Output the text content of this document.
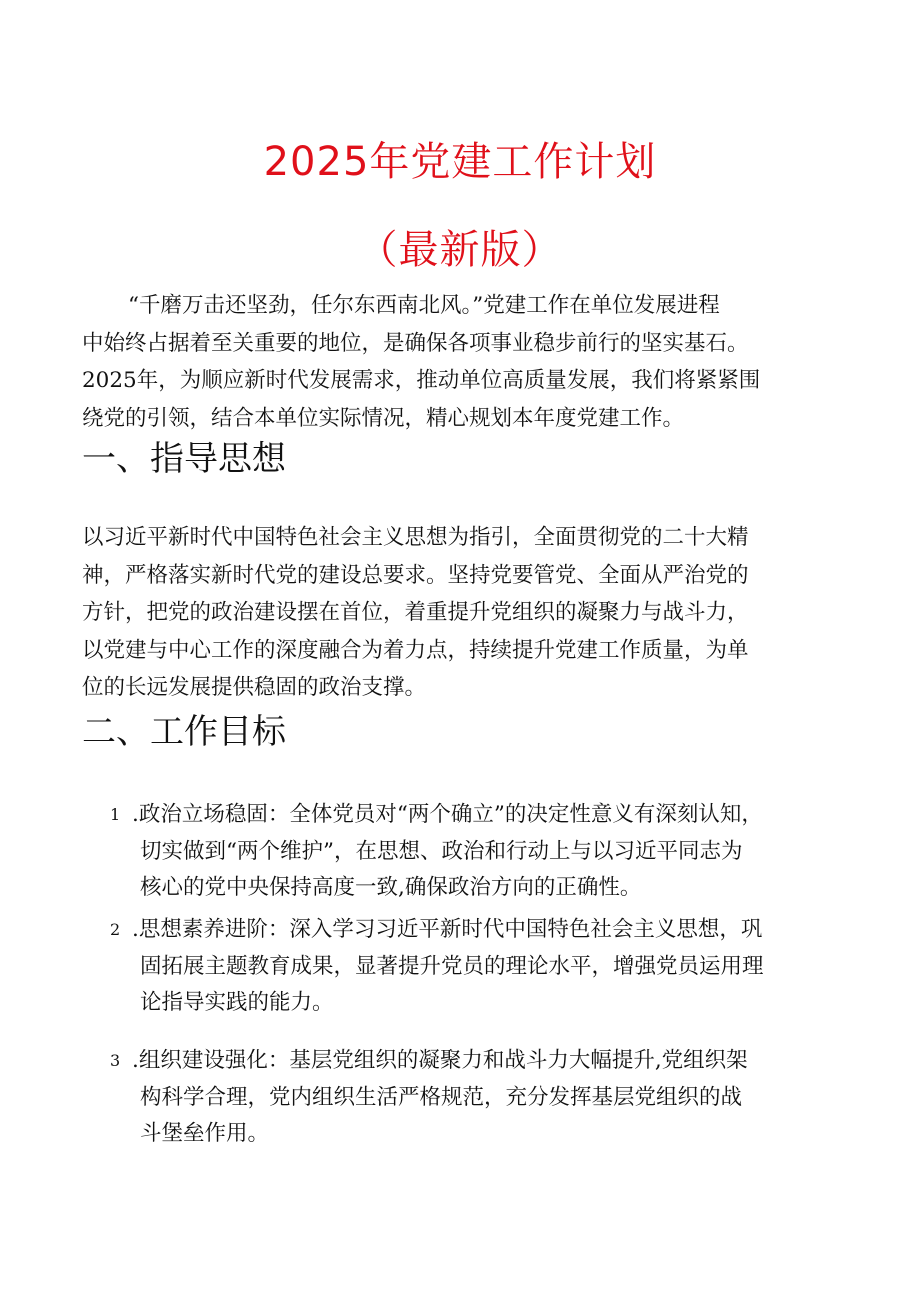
2025年党建工作计划
（最新版）
“千磨万击还坚劲，任尔东西南北风。”党建工作在单位发展进程
中始终占据着至关重要的地位，是确保各项事业稳步前行的坚实基石。
2025年，为顺应新时代发展需求，推动单位高质量发展，我们将紧紧围
绕党的引领，结合本单位实际情况，精心规划本年度党建工作。
一、指导思想
以习近平新时代中国特色社会主义思想为指引，全面贯彻党的二十大精
神，严格落实新时代党的建设总要求。坚持党要管党、全面从严治党的
方针，把党的政治建设摆在首位，着重提升党组织的凝聚力与战斗力，
以党建与中心工作的深度融合为着力点，持续提升党建工作质量，为单
位的长远发展提供稳固的政治支撑。
二、工作目标
1 .政治立场稳固：全体党员对“两个确立”的决定性意义有深刻认知，
切实做到“两个维护”，在思想、政治和行动上与以习近平同志为
核心的党中央保持高度一致,确保政治方向的正确性。
2 .思想素养进阶：深入学习习近平新时代中国特色社会主义思想，巩
固拓展主题教育成果，显著提升党员的理论水平，增强党员运用理
论指导实践的能力。
3 .组织建设强化：基层党组织的凝聚力和战斗力大幅提升,党组织架
构科学合理，党内组织生活严格规范，充分发挥基层党组织的战
斗堡垒作用。
